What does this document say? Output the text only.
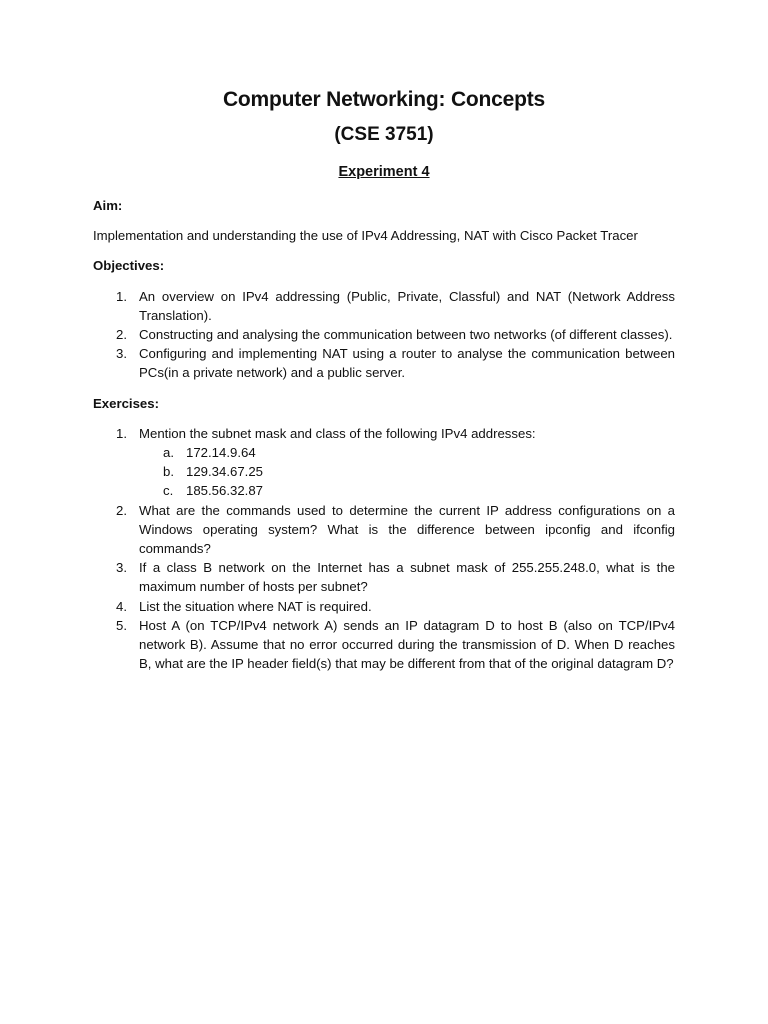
Computer Networking: Concepts
(CSE 3751)
Experiment 4
Aim:
Implementation and understanding the use of IPv4 Addressing, NAT with Cisco Packet Tracer
Objectives:
1. An overview on IPv4 addressing (Public, Private, Classful) and NAT (Network Address Translation).
2. Constructing and analysing the communication between two networks (of different classes).
3. Configuring and implementing NAT using a router to analyse the communication between PCs(in a private network) and a public server.
Exercises:
1. Mention the subnet mask and class of the following IPv4 addresses:
a. 172.14.9.64
b. 129.34.67.25
c. 185.56.32.87
2. What are the commands used to determine the current IP address configurations on a Windows operating system? What is the difference between ipconfig and ifconfig commands?
3. If a class B network on the Internet has a subnet mask of 255.255.248.0, what is the maximum number of hosts per subnet?
4. List the situation where NAT is required.
5. Host A (on TCP/IPv4 network A) sends an IP datagram D to host B (also on TCP/IPv4 network B). Assume that no error occurred during the transmission of D. When D reaches B, what are the IP header field(s) that may be different from that of the original datagram D?
